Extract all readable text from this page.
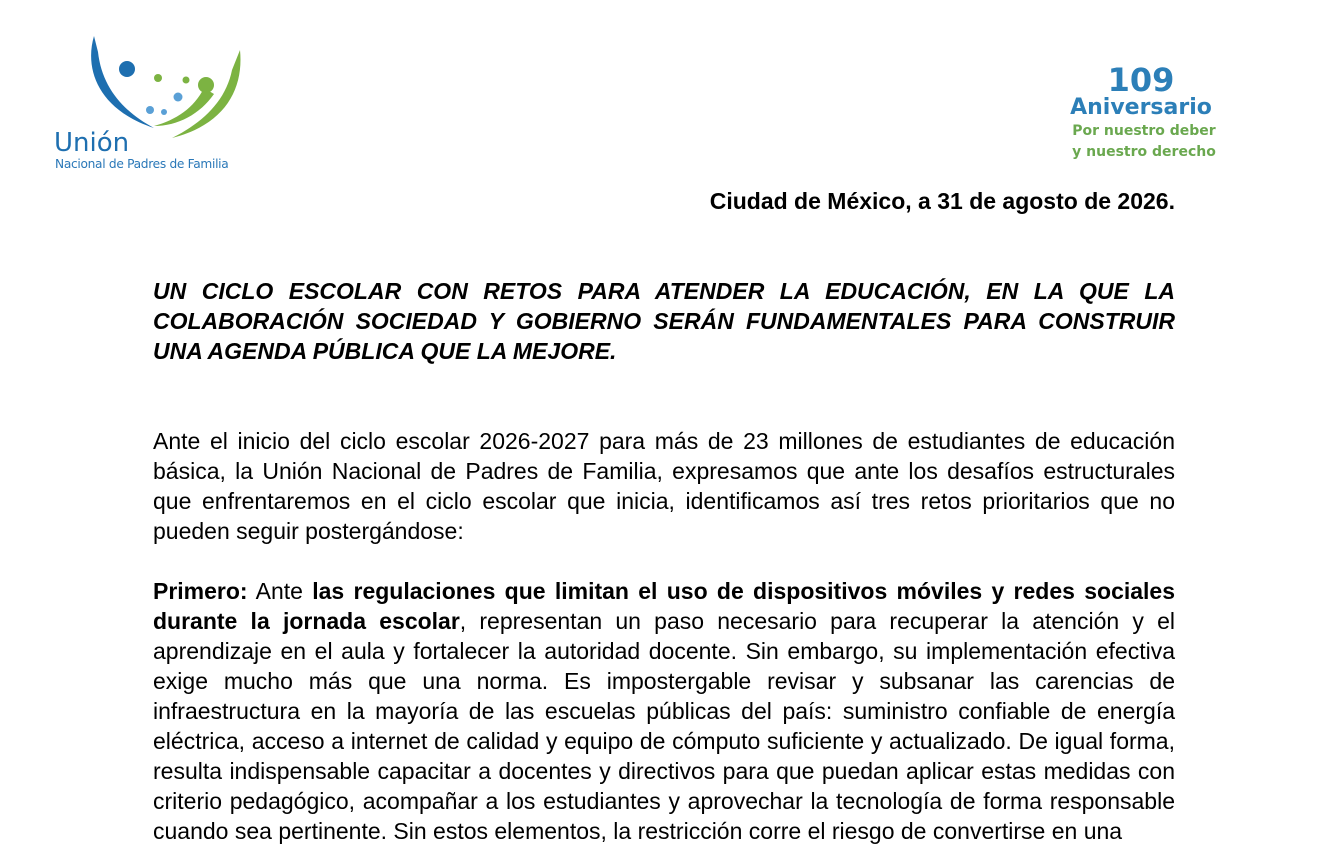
Unión
Nacional de Padres de Familia
109
Aniversario
Por nuestro deber
y nuestro derecho
Ciudad de México, a 31 de agosto de 2026.

UN CICLO ESCOLAR CON RETOS PARA ATENDER LA EDUCACIÓN, EN LA QUE LA COLABORACIÓN SOCIEDAD Y GOBIERNO SERÁN FUNDAMENTALES PARA CONSTRUIR UNA AGENDA PÚBLICA QUE LA MEJORE.

Ante el inicio del ciclo escolar 2026-2027 para más de 23 millones de estudiantes de educación básica, la Unión Nacional de Padres de Familia, expresamos que ante los desafíos estructurales que enfrentaremos en el ciclo escolar que inicia, identificamos así tres retos prioritarios que no pueden seguir postergándose:

Primero: Ante las regulaciones que limitan el uso de dispositivos móviles y redes sociales durante la jornada escolar, representan un paso necesario para recuperar la atención y el aprendizaje en el aula y fortalecer la autoridad docente. Sin embargo, su implementación efectiva exige mucho más que una norma. Es impostergable revisar y subsanar las carencias de infraestructura en la mayoría de las escuelas públicas del país: suministro confiable de energía eléctrica, acceso a internet de calidad y equipo de cómputo suficiente y actualizado. De igual forma, resulta indispensable capacitar a docentes y directivos para que puedan aplicar estas medidas con criterio pedagógico, acompañar a los estudiantes y aprovechar la tecnología de forma responsable cuando sea pertinente. Sin estos elementos, la restricción corre el riesgo de convertirse en una
